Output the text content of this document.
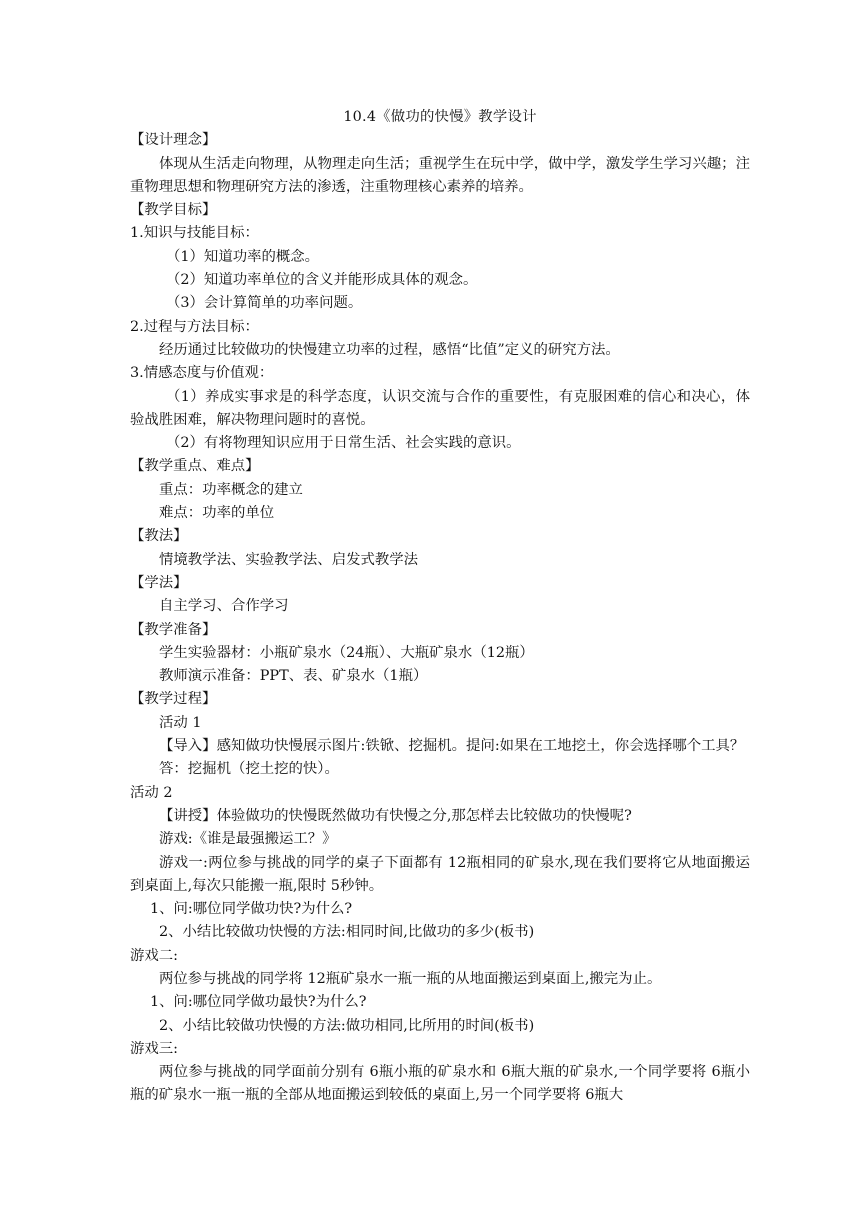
10.4《做功的快慢》教学设计
【设计理念】
体现从生活走向物理，从物理走向生活；重视学生在玩中学，做中学，激发学生学习兴趣；注重物理思想和物理研究方法的渗透，注重物理核心素养的培养。
【教学目标】
1.知识与技能目标：
（1）知道功率的概念。
（2）知道功率单位的含义并能形成具体的观念。
（3）会计算简单的功率问题。
2.过程与方法目标：
经历通过比较做功的快慢建立功率的过程，感悟“比值”定义的研究方法。
3.情感态度与价值观：
（1）养成实事求是的科学态度，认识交流与合作的重要性，有克服困难的信心和决心，体验战胜困难，解决物理问题时的喜悦。
（2）有将物理知识应用于日常生活、社会实践的意识。
【教学重点、难点】
重点：功率概念的建立
难点：功率的单位
【教法】
情境教学法、实验教学法、启发式教学法
【学法】
自主学习、合作学习
【教学准备】
学生实验器材：小瓶矿泉水（24瓶）、大瓶矿泉水（12瓶）
教师演示准备：PPT、表、矿泉水（1瓶）
【教学过程】
活动 1
【导入】感知做功快慢展示图片:铁锨、挖掘机。提问:如果在工地挖土，你会选择哪个工具？
答：挖掘机（挖土挖的快）。
活动 2
【讲授】体验做功的快慢既然做功有快慢之分,那怎样去比较做功的快慢呢?
游戏:《谁是最强搬运工？》
游戏一:两位参与挑战的同学的桌子下面都有 12瓶相同的矿泉水,现在我们要将它从地面搬运到桌面上,每次只能搬一瓶,限时 5秒钟。
1、问:哪位同学做功快?为什么?
2、小结比较做功快慢的方法:相同时间,比做功的多少(板书)
游戏二:
两位参与挑战的同学将 12瓶矿泉水一瓶一瓶的从地面搬运到桌面上,搬完为止。
1、问:哪位同学做功最快?为什么?
2、小结比较做功快慢的方法:做功相同,比所用的时间(板书)
游戏三:
两位参与挑战的同学面前分别有 6瓶小瓶的矿泉水和 6瓶大瓶的矿泉水,一个同学要将 6瓶小瓶的矿泉水一瓶一瓶的全部从地面搬运到较低的桌面上,另一个同学要将 6瓶大
